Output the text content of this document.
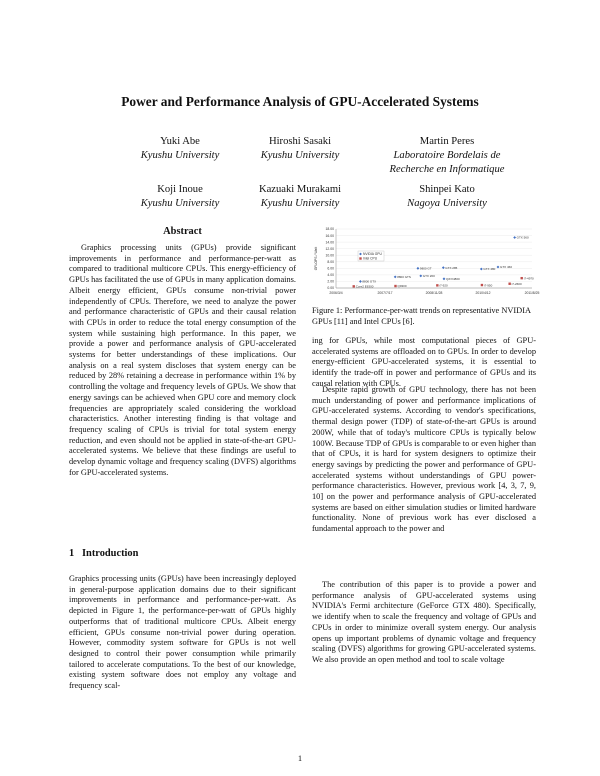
Power and Performance Analysis of GPU-Accelerated Systems
Yuki Abe
Kyushu University
Hiroshi Sasaki
Kyushu University
Martin Peres
Laboratoire Bordelais de
Recherche en Informatique
Koji Inoue
Kyushu University
Kazuaki Murakami
Kyushu University
Shinpei Kato
Nagoya University
Abstract
Graphics processing units (GPUs) provide significant improvements in performance and performance-per-watt as compared to traditional multicore CPUs. This energy-efficiency of GPUs has facilitated the use of GPUs in many application domains. Albeit energy efficient, GPUs consume non-trivial power independently of CPUs. Therefore, we need to analyze the power and performance characteristic of GPUs and their causal relation with CPUs in order to reduce the total energy consumption of the system while sustaining high performance. In this paper, we provide a power and performance analysis of GPU-accelerated systems for better understandings of these implications. Our analysis on a real system discloses that system energy can be reduced by 28% retaining a decrease in performance within 1% by controlling the voltage and frequency levels of GPUs. We show that energy savings can be achieved when GPU core and memory clock frequencies are appropriately scaled considering the workload characteristics. Another interesting finding is that voltage and frequency scaling of CPUs is trivial for total system energy reduction, and even should not be applied in state-of-the-art GPU-accelerated systems. We believe that these findings are useful to develop dynamic voltage and frequency scaling (DVFS) algorithms for GPU-accelerated systems.
1 Introduction
Graphics processing units (GPUs) have been increasingly deployed in general-purpose application domains due to their significant improvements in performance and performance-per-watt. As depicted in Figure 1, the performance-per-watt of GPUs highly outperforms that of traditional multicore CPUs. Albeit energy efficient, GPUs consume non-trivial power during operation. However, commodity system software for GPUs is not well designed to control their power consumption while primarily tailored to accelerate computations. To the best of our knowledge, existing system software does not employ any voltage and frequency scal-
GFLOPS / Watt
0.00
2.00
4.00
6.00
8.00
10.00
12.00
14.00
16.00
18.00
2006/3/4	2007/7/17	2008/11/28	2010/4/12	2011/8/25
NVIDIA GPU
Intel CPU
8800 GTX
8800 GTS
9800 GT
GTX 260
GTX 285
Q/FX4800
GTX 480 GTX 460
GTX 560
Core2 E6300	Q9300	i7-920	i7-950	i7-2600
i7-4970
Figure 1: Performance-per-watt trends on representative NVIDIA GPUs [11] and Intel CPUs [6].
ing for GPUs, while most computational pieces of GPU-accelerated systems are offloaded on to GPUs. In order to develop energy-efficient GPU-accelerated systems, it is essential to identify the trade-off in power and performance of GPUs and its causal relation with CPUs.
Despite rapid growth of GPU technology, there has not been much understanding of power and performance implications of GPU-accelerated systems. According to vendor's specifications, thermal design power (TDP) of state-of-the-art GPUs is around 200W, while that of today's multicore CPUs is typically below 100W. Because TDP of GPUs is comparable to or even higher than that of CPUs, it is hard for system designers to optimize their energy savings by predicting the power and performance of GPU-accelerated systems without understandings of GPU power-performance characteristics. However, previous work [4, 3, 7, 9, 10] on the power and performance analysis of GPU-accelerated systems are based on either simulation studies or limited hardware functionality. None of previous work has ever disclosed a fundamental approach to the power and
The contribution of this paper is to provide a power and performance analysis of GPU-accelerated systems using NVIDIA's Fermi architecture (GeForce GTX 480). Specifically, we identify when to scale the frequency and voltage of GPUs and CPUs in order to minimize overall system energy. Our analysis opens up important problems of dynamic voltage and frequency scaling (DVFS) algorithms for growing GPU-accelerated systems. We also provide an open method and tool to scale voltage
1
